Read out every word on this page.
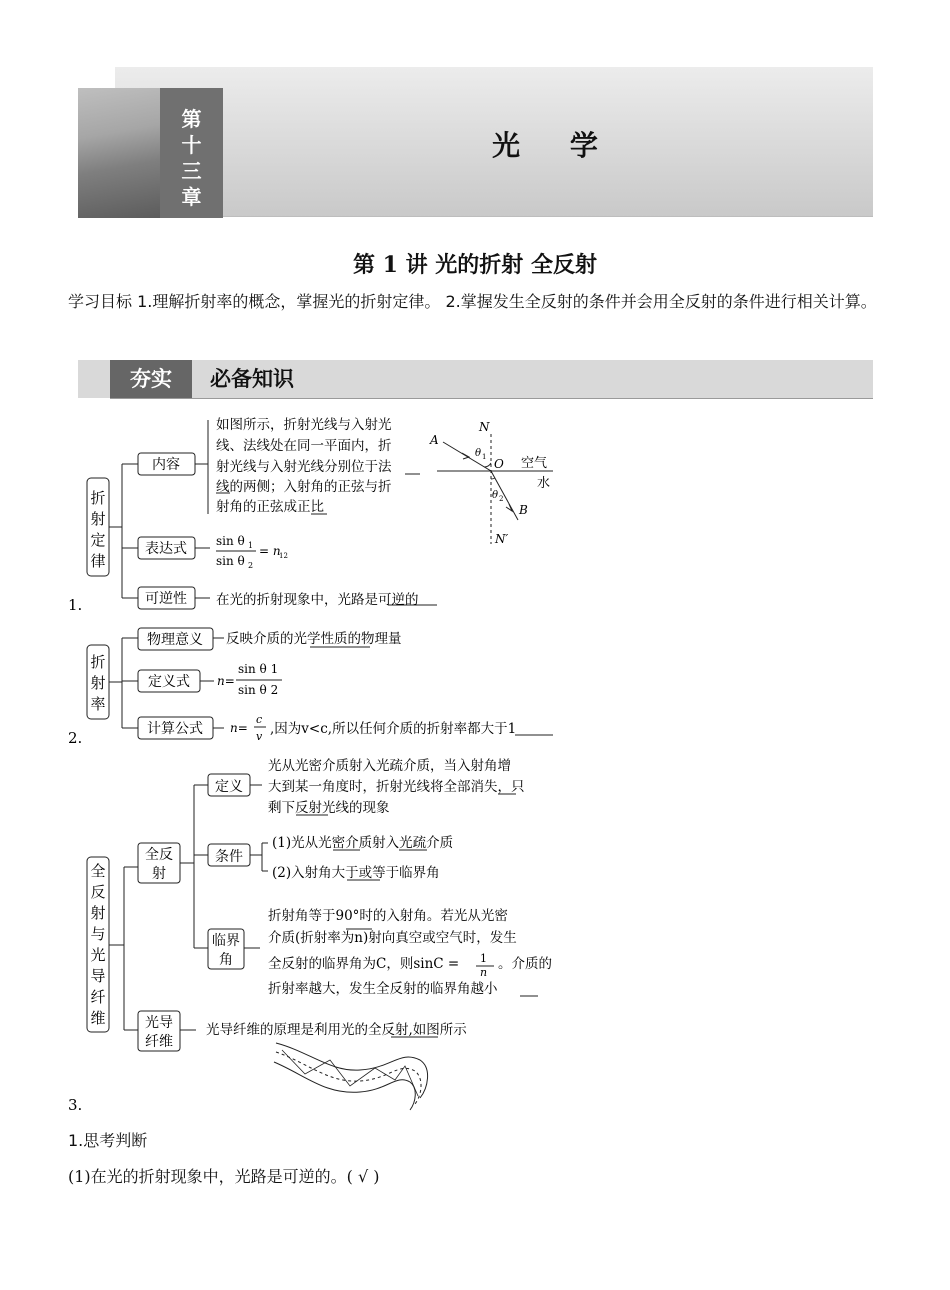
第十三章
光 学
第 1 讲 光的折射 全反射
学习目标 1.理解折射率的概念，掌握光的折射定律。 2.掌握发生全反射的条件并会用全反射的条件进行相关计算。
夯实	必备知识
1.
折
射
定
律
内容
表达式
可逆性
如图所示，折射光线与入射光
线、法线处在同一平面内，折
射光线与入射光线分别位于法
线的两侧；入射角的正弦与折
射角的正弦成正比
sin θ 1
sin θ 2
= n
12
在光的折射现象中，光路是可逆的
N
N′
A
B
O
θ 1
θ 2
空气
水
2.
折
射
率
物理意义
定义式
计算公式
反映介质的光学性质的物理量
n=
sin θ 1
sin θ 2
n=
c
v ,因为v<c,所以任何介质的折射率都大于1
3.
全
反
射
与
光
导
纤
维
全反
射
定义
条件
临界
角
光导
纤维
光从光密介质射入光疏介质，当入射角增
大到某一角度时，折射光线将全部消失，只
剩下反射光线的现象
(1)光从光密介质射入光疏介质
(2)入射角大于或等于临界角
折射角等于90°时的入射角。若光从光密
介质(折射率为n)射向真空或空气时，发生
全反射的临界角为C，则sinC = 1
n
。介质的
折射率越大，发生全反射的临界角越小
光导纤维的原理是利用光的全反射,如图所示
1.思考判断
(1)在光的折射现象中，光路是可逆的。( √ )
